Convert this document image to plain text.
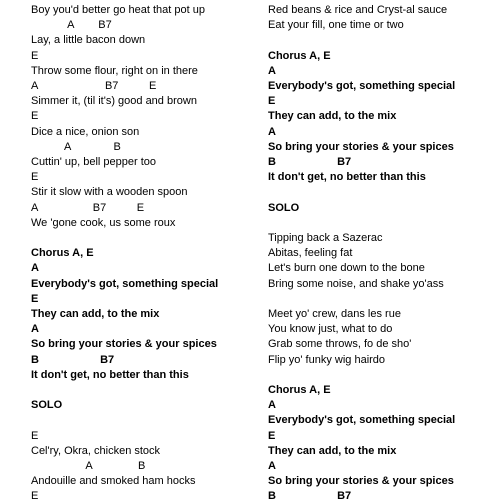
Boy you'd better go heat that pot up
A        B7
Lay, a little bacon down
E
Throw some flour, right on in there
A                      B7          E
Simmer it, (til it's) good and brown
E
Dice a nice, onion son
A              B
Cuttin' up, bell pepper too
E
Stir it slow with a wooden spoon
A                  B7          E
We 'gone cook, us some roux
Chorus A, E
A
Everybody's got, something special
E
They can add, to the mix
A
So bring your stories & your spices
B                    B7
It don't get, no better than this
SOLO
E
Cel'ry, Okra, chicken stock
A               B
Andouille and smoked ham hocks
E
Red beans & rice and Cryst-al sauce
Eat your fill, one time or two
Chorus A, E
A
Everybody's got, something special
E
They can add, to the mix
A
So bring your stories & your spices
B                    B7
It don't get, no better than this
SOLO
Tipping back a Sazerac
Abitas, feeling fat
Let's burn one down to the bone
Bring some noise, and shake yo'ass
Meet yo' crew, dans les rue
You know just, what to do
Grab some throws, fo de sho'
Flip yo' funky wig hairdo
Chorus A, E
A
Everybody's got, something special
E
They can add, to the mix
A
So bring your stories & your spices
B                    B7
